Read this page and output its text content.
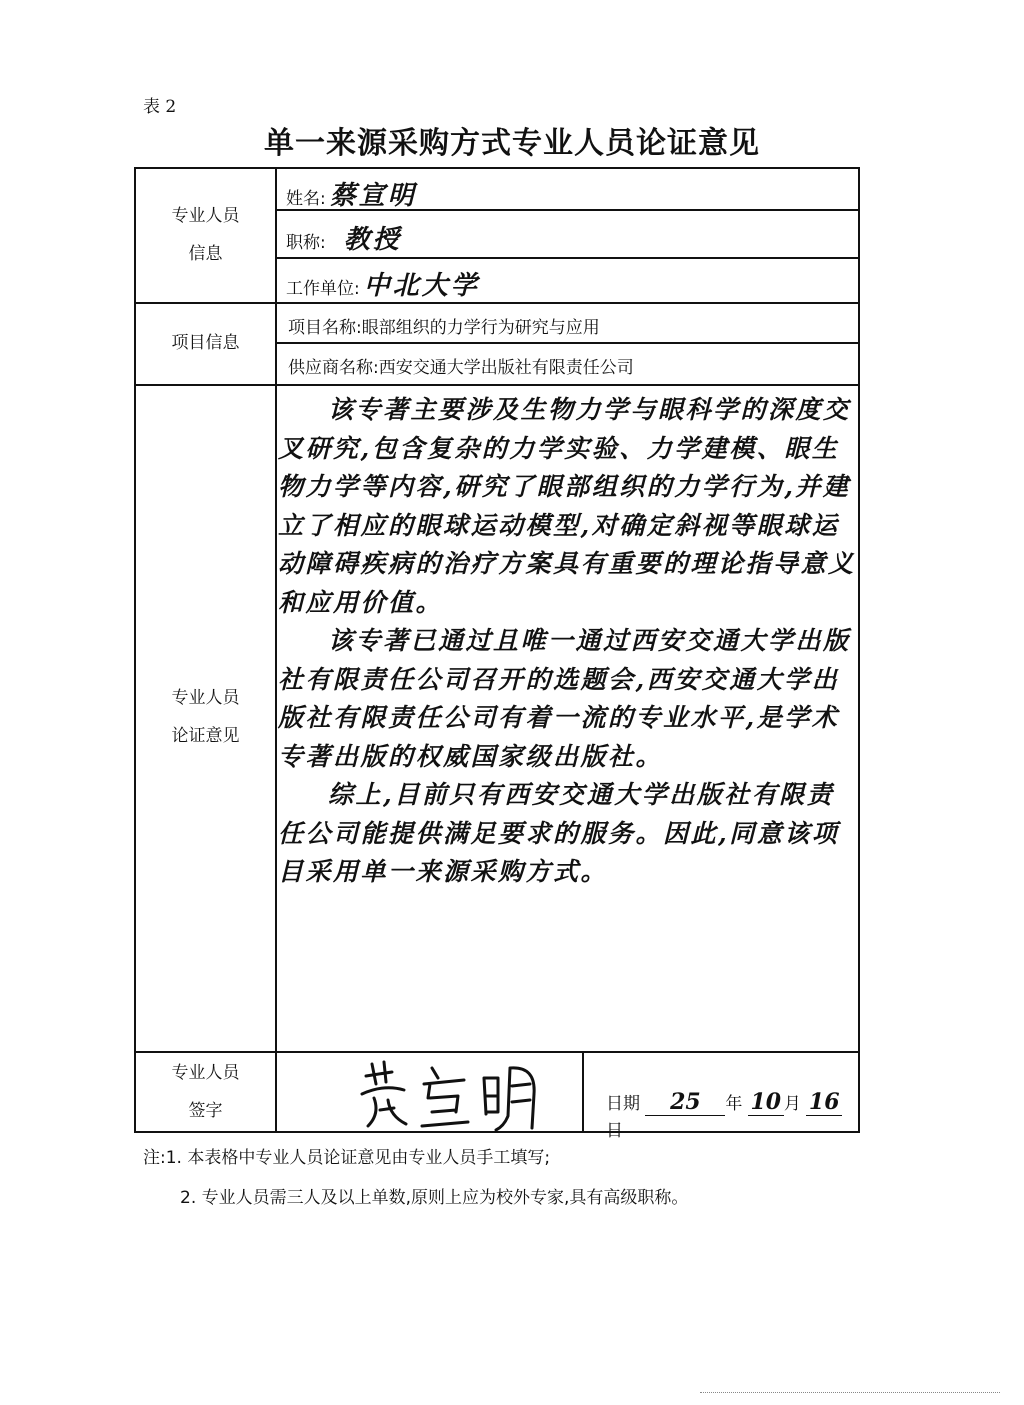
表 2
单一来源采购方式专业人员论证意见
专业人员
信息
姓名: 蔡宣明
职称: 教授
工作单位: 中北大学
项目信息
项目名称:眼部组织的力学行为研究与应用
供应商名称:西安交通大学出版社有限责任公司
专业人员
论证意见

该专著主要涉及生物力学与眼科学的深度交叉研究,包含复杂的力学实验、力学建模、眼生物力学等内容,研究了眼部组织的力学行为,并建立了相应的眼球运动模型,对确定斜视等眼球运动障碍疾病的治疗方案具有重要的理论指导意义和应用价值。

该专著已通过且唯一通过西安交通大学出版社有限责任公司召开的选题会,西安交通大学出版社有限责任公司有着一流的专业水平,是学术专著出版的权威国家级出版社。

综上,目前只有西安交通大学出版社有限责任公司能提供满足要求的服务。因此,同意该项目采用单一来源采购方式。

专业人员
签字	日期 25 年 10 月 16日
注:1. 本表格中专业人员论证意见由专业人员手工填写;
2. 专业人员需三人及以上单数,原则上应为校外专家,具有高级职称。
